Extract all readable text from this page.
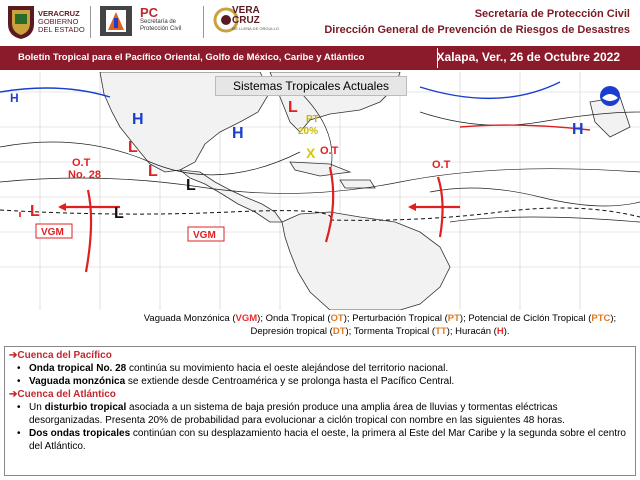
VERACRUZ
GOBIERNO
DEL ESTADO
PC
Secretaría de
Protección Civil
VERA
CRUZ
ME LLENA DE ORGULLO
Secretaría de Protección Civil
Dirección General de Prevención de Riesgos de Desastres
Boletín Tropical para el Pacífico Oriental, Golfo de México, Caribe y Atlántico	Xalapa, Ver., 26 de Octubre 2022
H
H	H
H
L
L
L
L
L
L
X
PT
20%
O.T
No. 28
O.T
O.T
VGM	VGM
Sistemas Tropicales Actuales
Vaguada Monzónica (VGM); Onda Tropical (OT); Perturbación Tropical (PT); Potencial de Ciclón Tropical (PTC);
Depresión tropical (DT); Tormenta Tropical (TT); Huracán (H).
➔Cuenca del Pacífico
• Onda tropical No. 28 continúa su movimiento hacia el oeste alejándose del territorio nacional.
• Vaguada monzónica se extiende desde Centroamérica y se prolonga hasta el Pacífico Central.
➔Cuenca del Atlántico
• Un disturbio tropical asociada a un sistema de baja presión produce una amplia área de lluvias y tormentas eléctricas desorganizadas. Presenta 20% de probabilidad para evolucionar a ciclón tropical con nombre en las siguientes 48 horas.
• Dos ondas tropicales continúan con su desplazamiento hacia el oeste, la primera al Este del Mar Caribe y la segunda sobre el centro del Atlántico.
